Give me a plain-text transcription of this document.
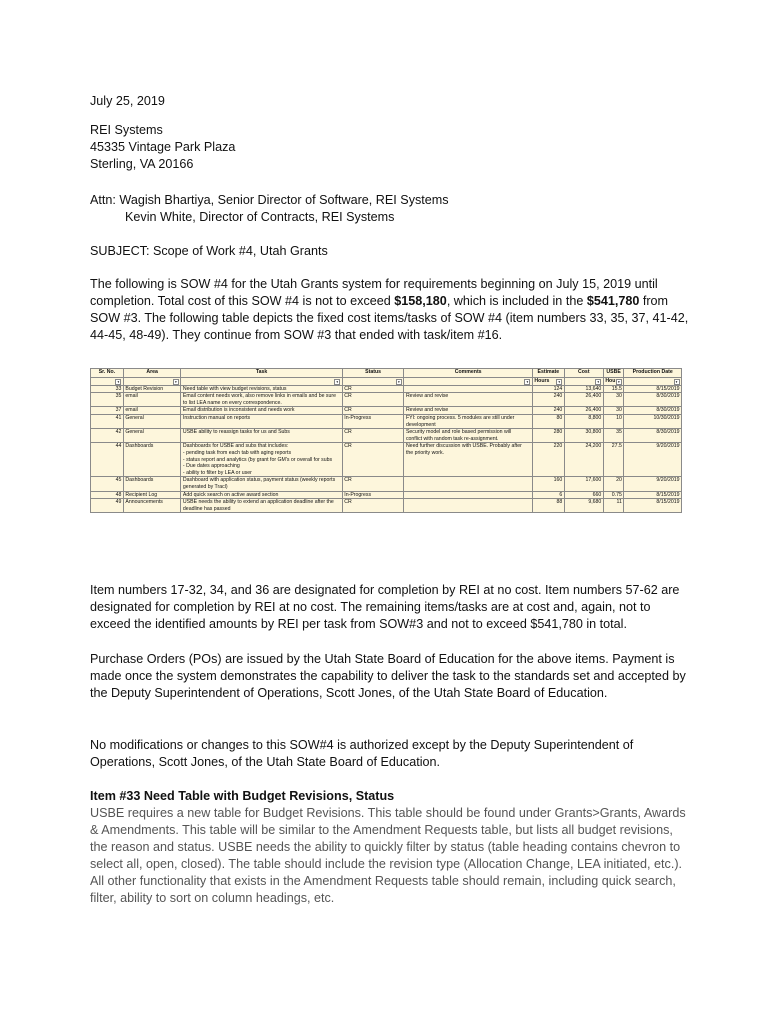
July 25, 2019

REI Systems
45335 Vintage Park Plaza
Sterling, VA 20166

Attn: Wagish Bhartiya, Senior Director of Software, REI Systems
Kevin White, Director of Contracts, REI Systems

SUBJECT: Scope of Work #4, Utah Grants

The following is SOW #4 for the Utah Grants system for requirements beginning on July 15, 2019 until completion. Total cost of this SOW #4 is not to exceed $158,180, which is included in the $541,780 from SOW #3. The following table depicts the fixed cost items/tasks of SOW #4 (item numbers 33, 35, 37, 41-42, 44-45, 48-49). They continue from SOW #3 that ended with task/item #16.

Item numbers 17-32, 34, and 36 are designated for completion by REI at no cost. Item numbers 57-62 are designated for completion by REI at no cost. The remaining items/tasks are at cost and, again, not to exceed the identified amounts by REI per task from SOW#3 and not to exceed $541,780 in total.

Purchase Orders (POs) are issued by the Utah State Board of Education for the above items. Payment is made once the system demonstrates the capability to deliver the task to the standards set and accepted by the Deputy Superintendent of Operations, Scott Jones, of the Utah State Board of Education.

No modifications or changes to this SOW#4 is authorized except by the Deputy Superintendent of Operations, Scott Jones, of the Utah State Board of Education.

Item #33 Need Table with Budget Revisions, Status
USBE requires a new table for Budget Revisions. This table should be found under Grants>Grants, Awards & Amendments. This table will be similar to the Amendment Requests table, but lists all budget revisions, the reason and status. USBE needs the ability to quickly filter by status (table heading contains chevron to select all, open, closed). The table should include the revision type (Allocation Change, LEA initiated, etc.). All other functionality that exists in the Amendment Requests table should remain, including quick search, filter, ability to sort on column headings, etc.
Sr. No.	Area	Task	Status	Comments	Estimate	Cost	USBE	Production Date

▾	▾	▾	▾	▾	Hours ▾	▾	Hou ▾	▾

33	Budget Revision	Need table with view budget revisions, status	CR		124	13,640	15.5	8/15/2019
35	email	Email content needs work, also remove links in emails and be sure
to list LEA name on every correspondence.	CR	Review and revise	240	26,400	30	8/30/2019
37	email	Email distribution is inconsistent and needs work	CR	Review and revise	240	26,400	30	8/30/2019
41	General	Instruction manual on reports	In-Progress	FYI: ongoing process. 5 modules are still under
development	80	8,800	10	10/30/2019
42	General	USBE ability to reassign tasks for us and Subs	CR	Security model and role based permission will
conflict with random task re-assignment.	280	30,800	35	8/30/2019
44	Dashboards	Dashboards for USBE and subs that includes:
- pending task from each tab with aging reports
- status report and analytics (by grant for GM's or overall for subs
- Due dates approaching
- ability to filter by LEA or user	CR	Need further discussion with USBE. Probably after
the priority work.	220	24,200	27.5	9/20/2019
45	Dashboards	Dashboard with application status, payment status (weekly reports
generated by Tracl)	CR		160	17,600	20	9/20/2019
48	Recipient Log	Add quick search on active award section	In-Progress		6	660	0.75	8/15/2019
49	Announcements	USBE needs the ability to extend an application deadline after the
deadline has passed	CR		88	9,680	11	8/15/2019
